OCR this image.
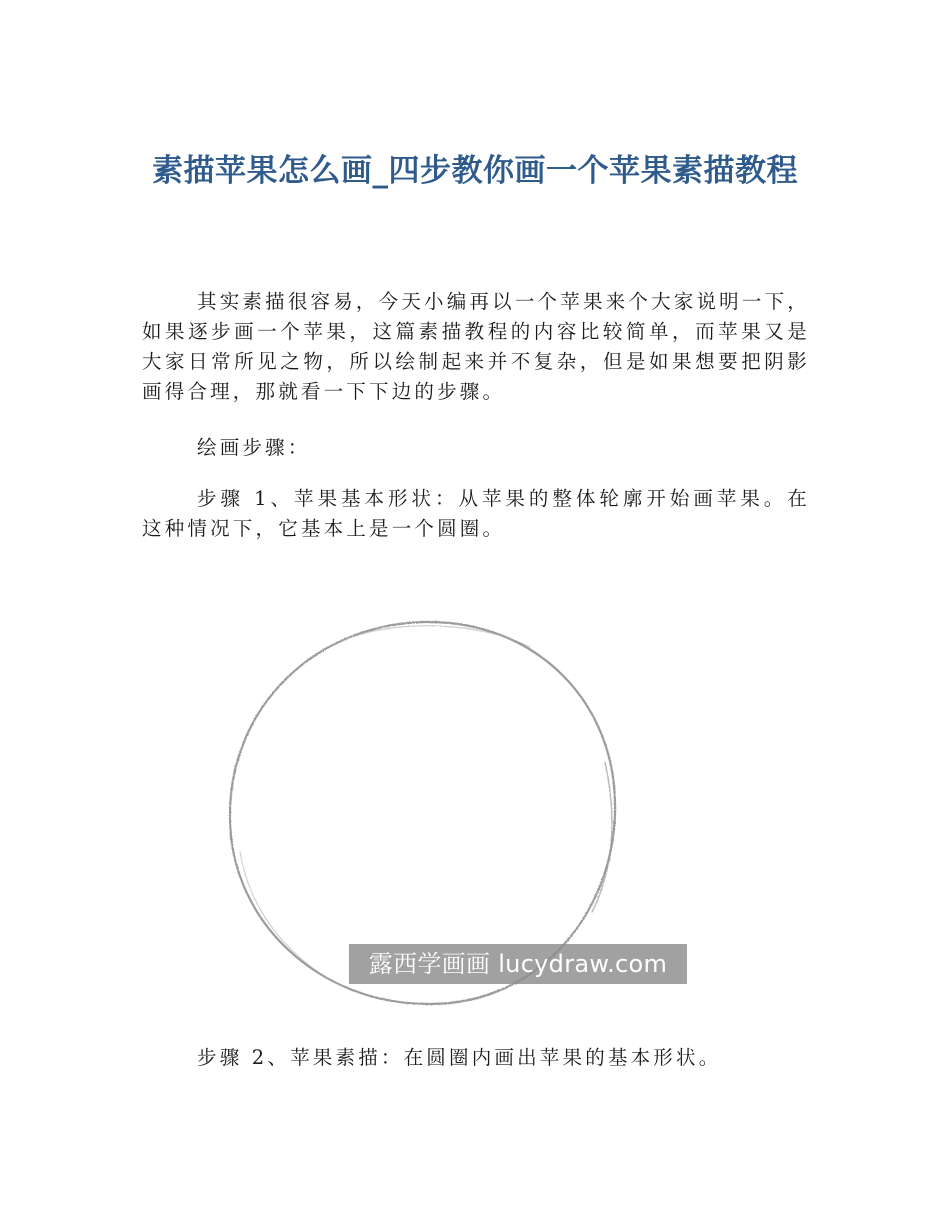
素描苹果怎么画_四步教你画一个苹果素描教程

其实素描很容易，今天小编再以一个苹果来个大家说明一下，如果逐步画一个苹果，这篇素描教程的内容比较简单，而苹果又是大家日常所见之物，所以绘制起来并不复杂，但是如果想要把阴影画得合理，那就看一下下边的步骤。

绘画步骤：

步骤 1、苹果基本形状：从苹果的整体轮廓开始画苹果。在这种情况下，它基本上是一个圆圈。

露西学画画 lucydraw.com

步骤 2、苹果素描：在圆圈内画出苹果的基本形状。
